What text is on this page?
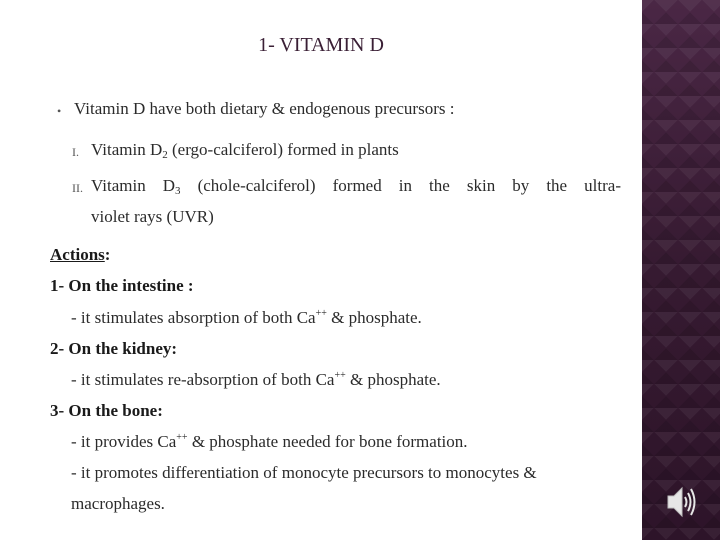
1- VITAMIN D
• Vitamin D have both dietary & endogenous precursors :
I. Vitamin $D_2$ (ergo-calciferol) formed in plants
II. Vitamin $D_3$ (chole-calciferol) formed in the skin by the ultra-
violet rays (UVR)
Actions:
1- On the intestine :
- it stimulates absorption of both Ca++ & phosphate.
2- On the kidney:
- it stimulates re-absorption of both Ca++ & phosphate.
3- On the bone:
- it provides Ca++ & phosphate needed for bone formation.
- it promotes differentiation of monocyte precursors to monocytes &
macrophages.
